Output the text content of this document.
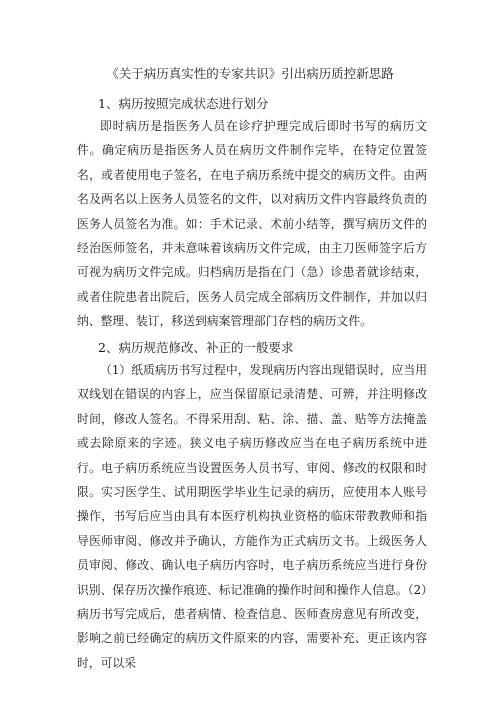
《关于病历真实性的专家共识》引出病历质控新思路
1、病历按照完成状态进行划分
即时病历是指医务人员在诊疗护理完成后即时书写的病历文件。确定病历是指医务人员在病历文件制作完毕，在特定位置签名，或者使用电子签名，在电子病历系统中提交的病历文件。由两名及两名以上医务人员签名的文件，以对病历文件内容最终负责的医务人员签名为准。如：手术记录、术前小结等，撰写病历文件的经治医师签名，并未意味着该病历文件完成，由主刀医师签字后方可视为病历文件完成。归档病历是指在门（急）诊患者就诊结束，或者住院患者出院后，医务人员完成全部病历文件制作，并加以归纳、整理、装订，移送到病案管理部门存档的病历文件。
2、病历规范修改、补正的一般要求
（1）纸质病历书写过程中，发现病历内容出现错误时，应当用双线划在错误的内容上，应当保留原记录清楚、可辨，并注明修改时间，修改人签名。不得采用刮、粘、涂、描、盖、贴等方法掩盖或去除原来的字迹。狭义电子病历修改应当在电子病历系统中进行。电子病历系统应当设置医务人员书写、审阅、修改的权限和时限。实习医学生、试用期医学毕业生记录的病历，应使用本人账号操作，书写后应当由具有本医疗机构执业资格的临床带教教师和指导医师审阅、修改并予确认，方能作为正式病历文书。上级医务人员审阅、修改、确认电子病历内容时，电子病历系统应当进行身份识别、保存历次操作痕迹、标记准确的操作时间和操作人信息。（2）病历书写完成后，患者病情、检查信息、医师查房意见有所改变，影响之前已经确定的病历文件原来的内容，需要补充、更正该内容时，可以采
